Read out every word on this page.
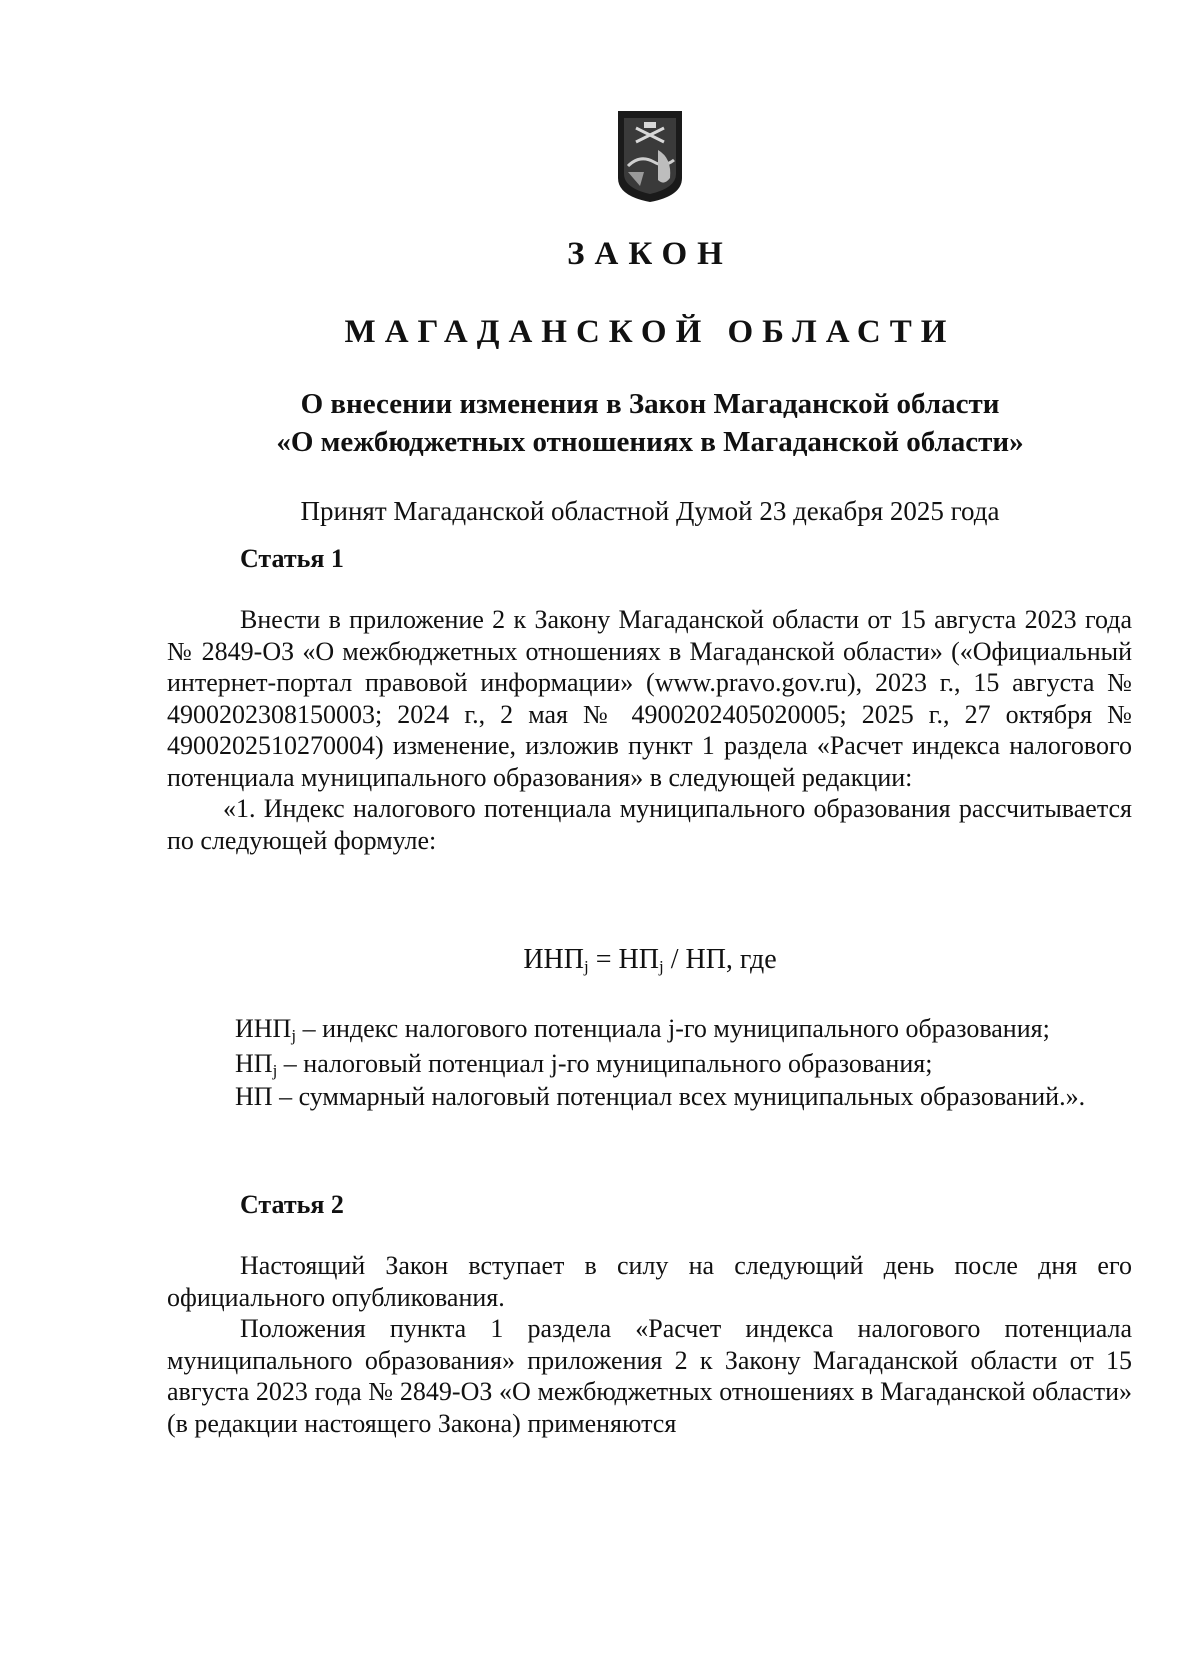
ЗАКОН
МАГАДАНСКОЙ ОБЛАСТИ
О внесении изменения в Закон Магаданской области
«О межбюджетных отношениях в Магаданской области»
Принят Магаданской областной Думой 23 декабря 2025 года
Статья 1

Внести в приложение 2 к Закону Магаданской области от 15 августа 2023 года № 2849-ОЗ «О межбюджетных отношениях в Магаданской области» («Официальный интернет-портал правовой информации» (www.pravo.gov.ru), 2023 г., 15 августа № 4900202308150003; 2024 г., 2 мая № 4900202405020005; 2025 г., 27 октября № 4900202510270004) изменение, изложив пункт 1 раздела «Расчет индекса налогового потенциала муниципального образования» в следующей редакции:

«1. Индекс налогового потенциала муниципального образования рассчитывается по следующей формуле:

$ИНП_j = НП_j$ / НП, где
$ИНП_j$ – индекс налогового потенциала j-го муниципального образования;
$НП_j$ – налоговый потенциал j-го муниципального образования;
НП – суммарный налоговый потенциал всех муниципальных образований.».
Статья 2

Настоящий Закон вступает в силу на следующий день после дня его официального опубликования.

Положения пункта 1 раздела «Расчет индекса налогового потенциала муниципального образования» приложения 2 к Закону Магаданской области от 15 августа 2023 года № 2849-ОЗ «О межбюджетных отношениях в Магаданской области» (в редакции настоящего Закона) применяются
